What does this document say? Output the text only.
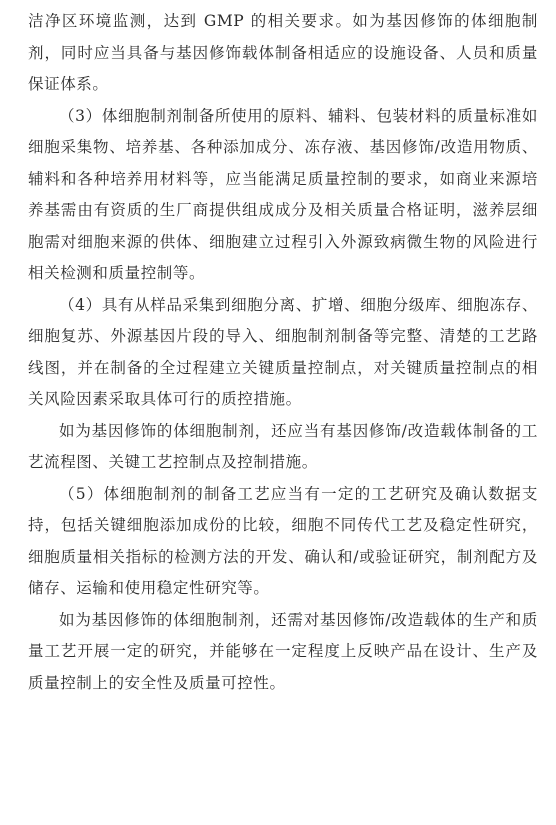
洁净区环境监测，达到 GMP 的相关要求。如为基因修饰的体细胞制剂，同时应当具备与基因修饰载体制备相适应的设施设备、人员和质量保证体系。

（3）体细胞制剂制备所使用的原料、辅料、包装材料的质量标准如细胞采集物、培养基、各种添加成分、冻存液、基因修饰/改造用物质、辅料和各种培养用材料等，应当能满足质量控制的要求，如商业来源培养基需由有资质的生厂商提供组成成分及相关质量合格证明，滋养层细胞需对细胞来源的供体、细胞建立过程引入外源致病微生物的风险进行相关检测和质量控制等。

（4）具有从样品采集到细胞分离、扩增、细胞分级库、细胞冻存、细胞复苏、外源基因片段的导入、细胞制剂制备等完整、清楚的工艺路线图，并在制备的全过程建立关键质量控制点，对关键质量控制点的相关风险因素采取具体可行的质控措施。

如为基因修饰的体细胞制剂，还应当有基因修饰/改造载体制备的工艺流程图、关键工艺控制点及控制措施。

（5）体细胞制剂的制备工艺应当有一定的工艺研究及确认数据支持，包括关键细胞添加成份的比较，细胞不同传代工艺及稳定性研究，细胞质量相关指标的检测方法的开发、确认和/或验证研究，制剂配方及储存、运输和使用稳定性研究等。

如为基因修饰的体细胞制剂，还需对基因修饰/改造载体的生产和质量工艺开展一定的研究，并能够在一定程度上反映产品在设计、生产及质量控制上的安全性及质量可控性。
